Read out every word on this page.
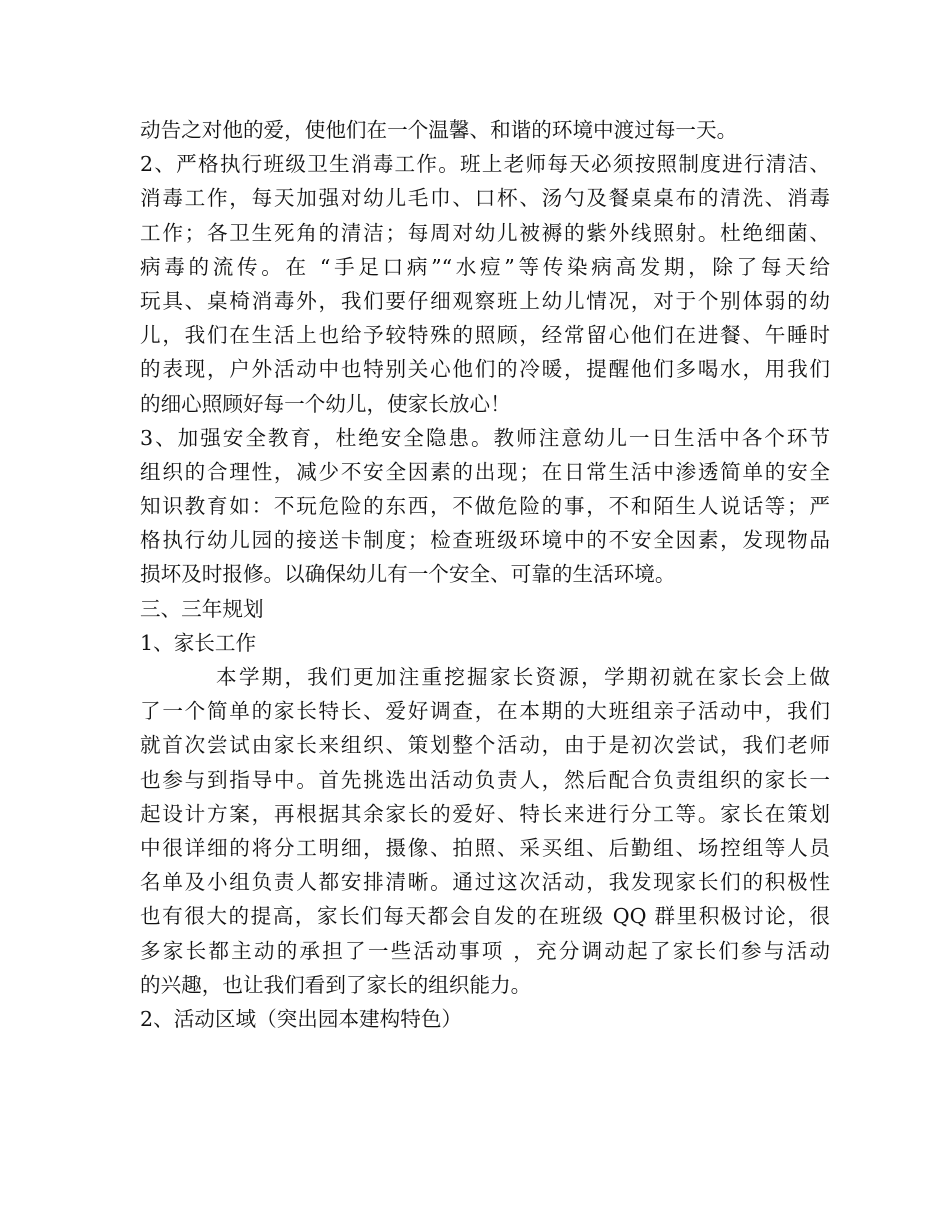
动告之对他的爱，使他们在一个温馨、和谐的环境中渡过每一天。
2、严格执行班级卫生消毒工作。班上老师每天必须按照制度进行清洁、
消毒工作，每天加强对幼儿毛巾、口杯、汤勺及餐桌桌布的清洗、消毒
工作；各卫生死角的清洁；每周对幼儿被褥的紫外线照射。杜绝细菌、
病毒的流传。在 “手足口病”“水痘”等传染病高发期，除了每天给
玩具、桌椅消毒外，我们要仔细观察班上幼儿情况，对于个别体弱的幼
儿，我们在生活上也给予较特殊的照顾，经常留心他们在进餐、午睡时
的表现，户外活动中也特别关心他们的冷暖，提醒他们多喝水，用我们
的细心照顾好每一个幼儿，使家长放心！
3、加强安全教育，杜绝安全隐患。教师注意幼儿一日生活中各个环节
组织的合理性，减少不安全因素的出现；在日常生活中渗透简单的安全
知识教育如：不玩危险的东西，不做危险的事，不和陌生人说话等；严
格执行幼儿园的接送卡制度；检查班级环境中的不安全因素，发现物品
损坏及时报修。以确保幼儿有一个安全、可靠的生活环境。
三、三年规划
1、家长工作
本学期，我们更加注重挖掘家长资源，学期初就在家长会上做
了一个简单的家长特长、爱好调查，在本期的大班组亲子活动中，我们
就首次尝试由家长来组织、策划整个活动，由于是初次尝试，我们老师
也参与到指导中。首先挑选出活动负责人，然后配合负责组织的家长一
起设计方案，再根据其余家长的爱好、特长来进行分工等。家长在策划
中很详细的将分工明细，摄像、拍照、采买组、后勤组、场控组等人员
名单及小组负责人都安排清晰。通过这次活动，我发现家长们的积极性
也有很大的提高，家长们每天都会自发的在班级 QQ 群里积极讨论，很
多家长都主动的承担了一些活动事项 ，充分调动起了家长们参与活动
的兴趣，也让我们看到了家长的组织能力。
2、活动区域（突出园本建构特色）
